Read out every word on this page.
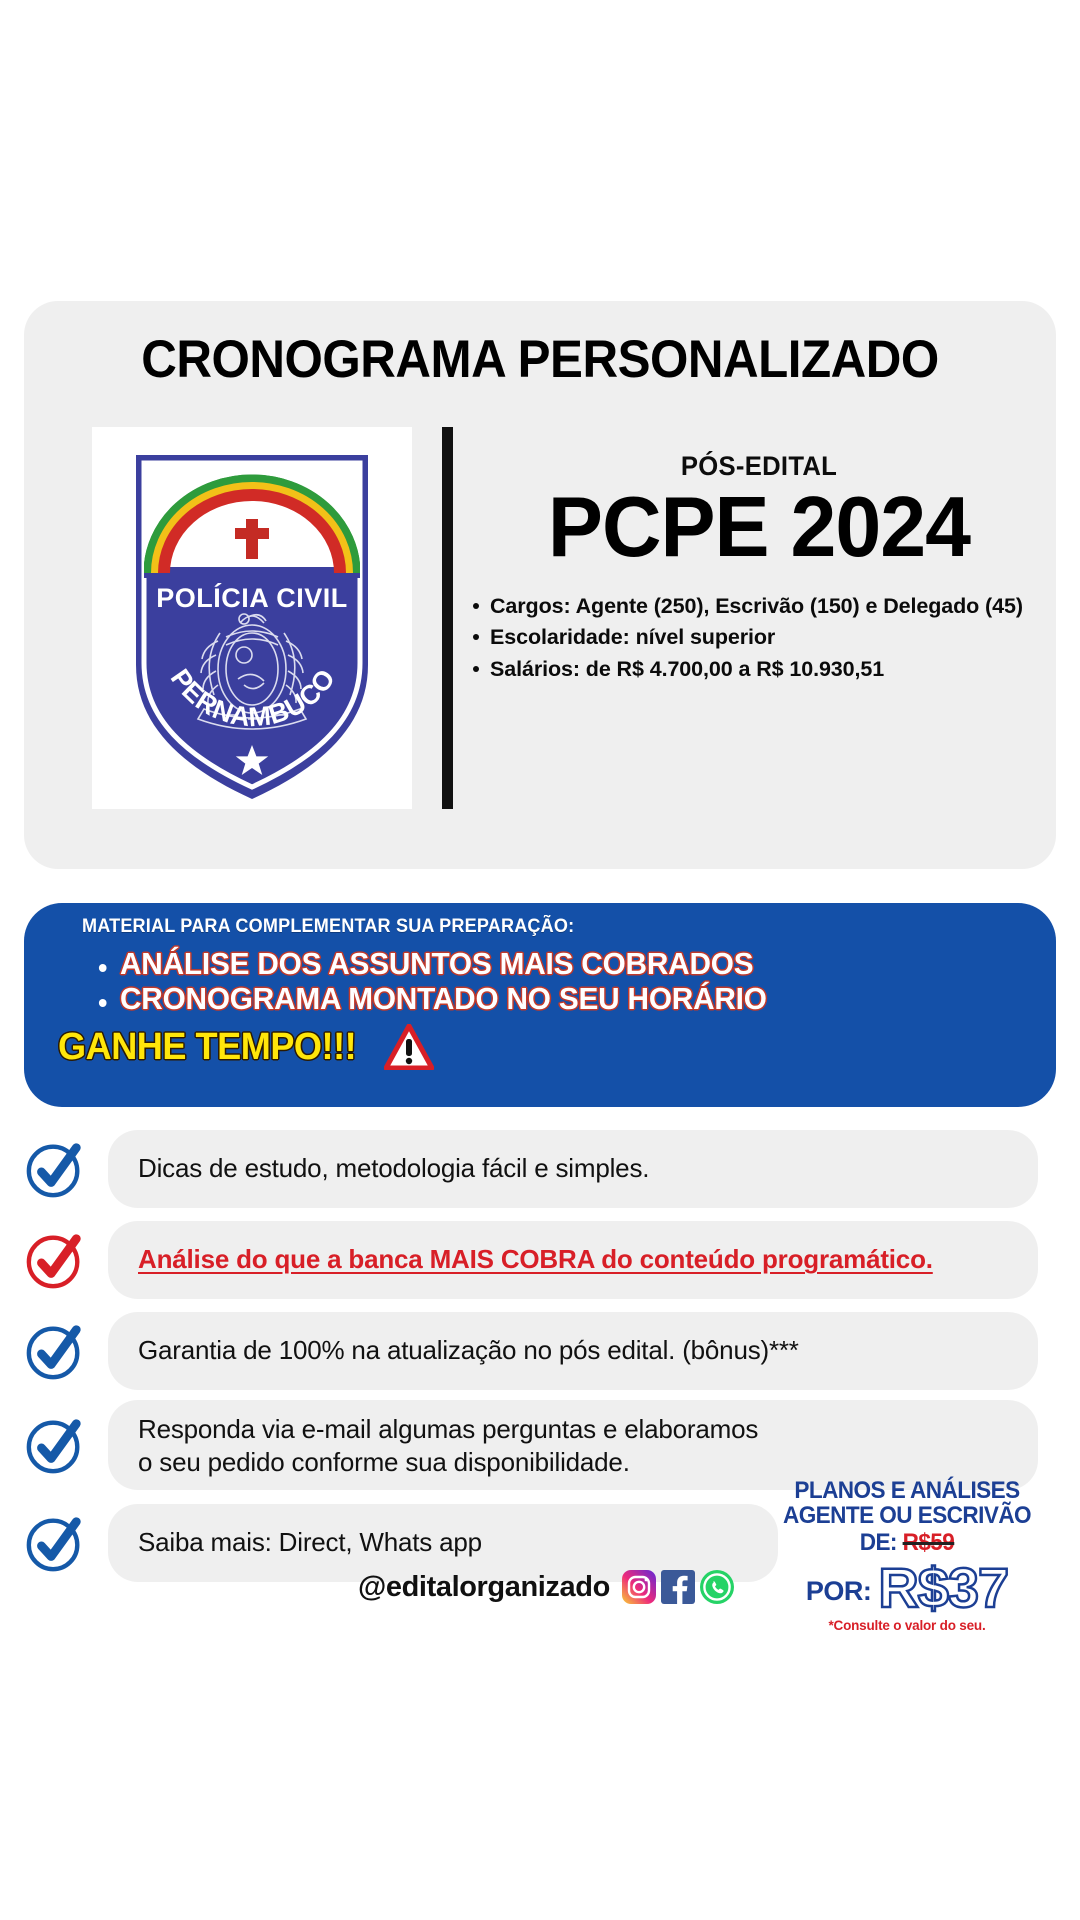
CRONOGRAMA PERSONALIZADO
POLÍCIA CIVIL
PERNAMBUCO
PÓS-EDITAL
PCPE 2024
Cargos: Agente (250), Escrivão (150) e Delegado (45)
Escolaridade: nível superior
Salários: de R$ 4.700,00 a R$ 10.930,51
MATERIAL PARA COMPLEMENTAR SUA PREPARAÇÃO:
ANÁLISE DOS ASSUNTOS MAIS COBRADOS
CRONOGRAMA MONTADO NO SEU HORÁRIO
GANHE TEMPO!!!
Dicas de estudo, metodologia fácil e simples.
Análise do que a banca MAIS COBRA do conteúdo programático.
Garantia de 100% na atualização no pós edital. (bônus)***
Responda via e-mail algumas perguntas e elaboramos o seu pedido conforme sua disponibilidade.
Saiba mais: Direct, Whats app
@editalorganizado
PLANOS E ANÁLISES
AGENTE OU ESCRIVÃO
DE: R$59
POR: R$37
*Consulte o valor do seu.
